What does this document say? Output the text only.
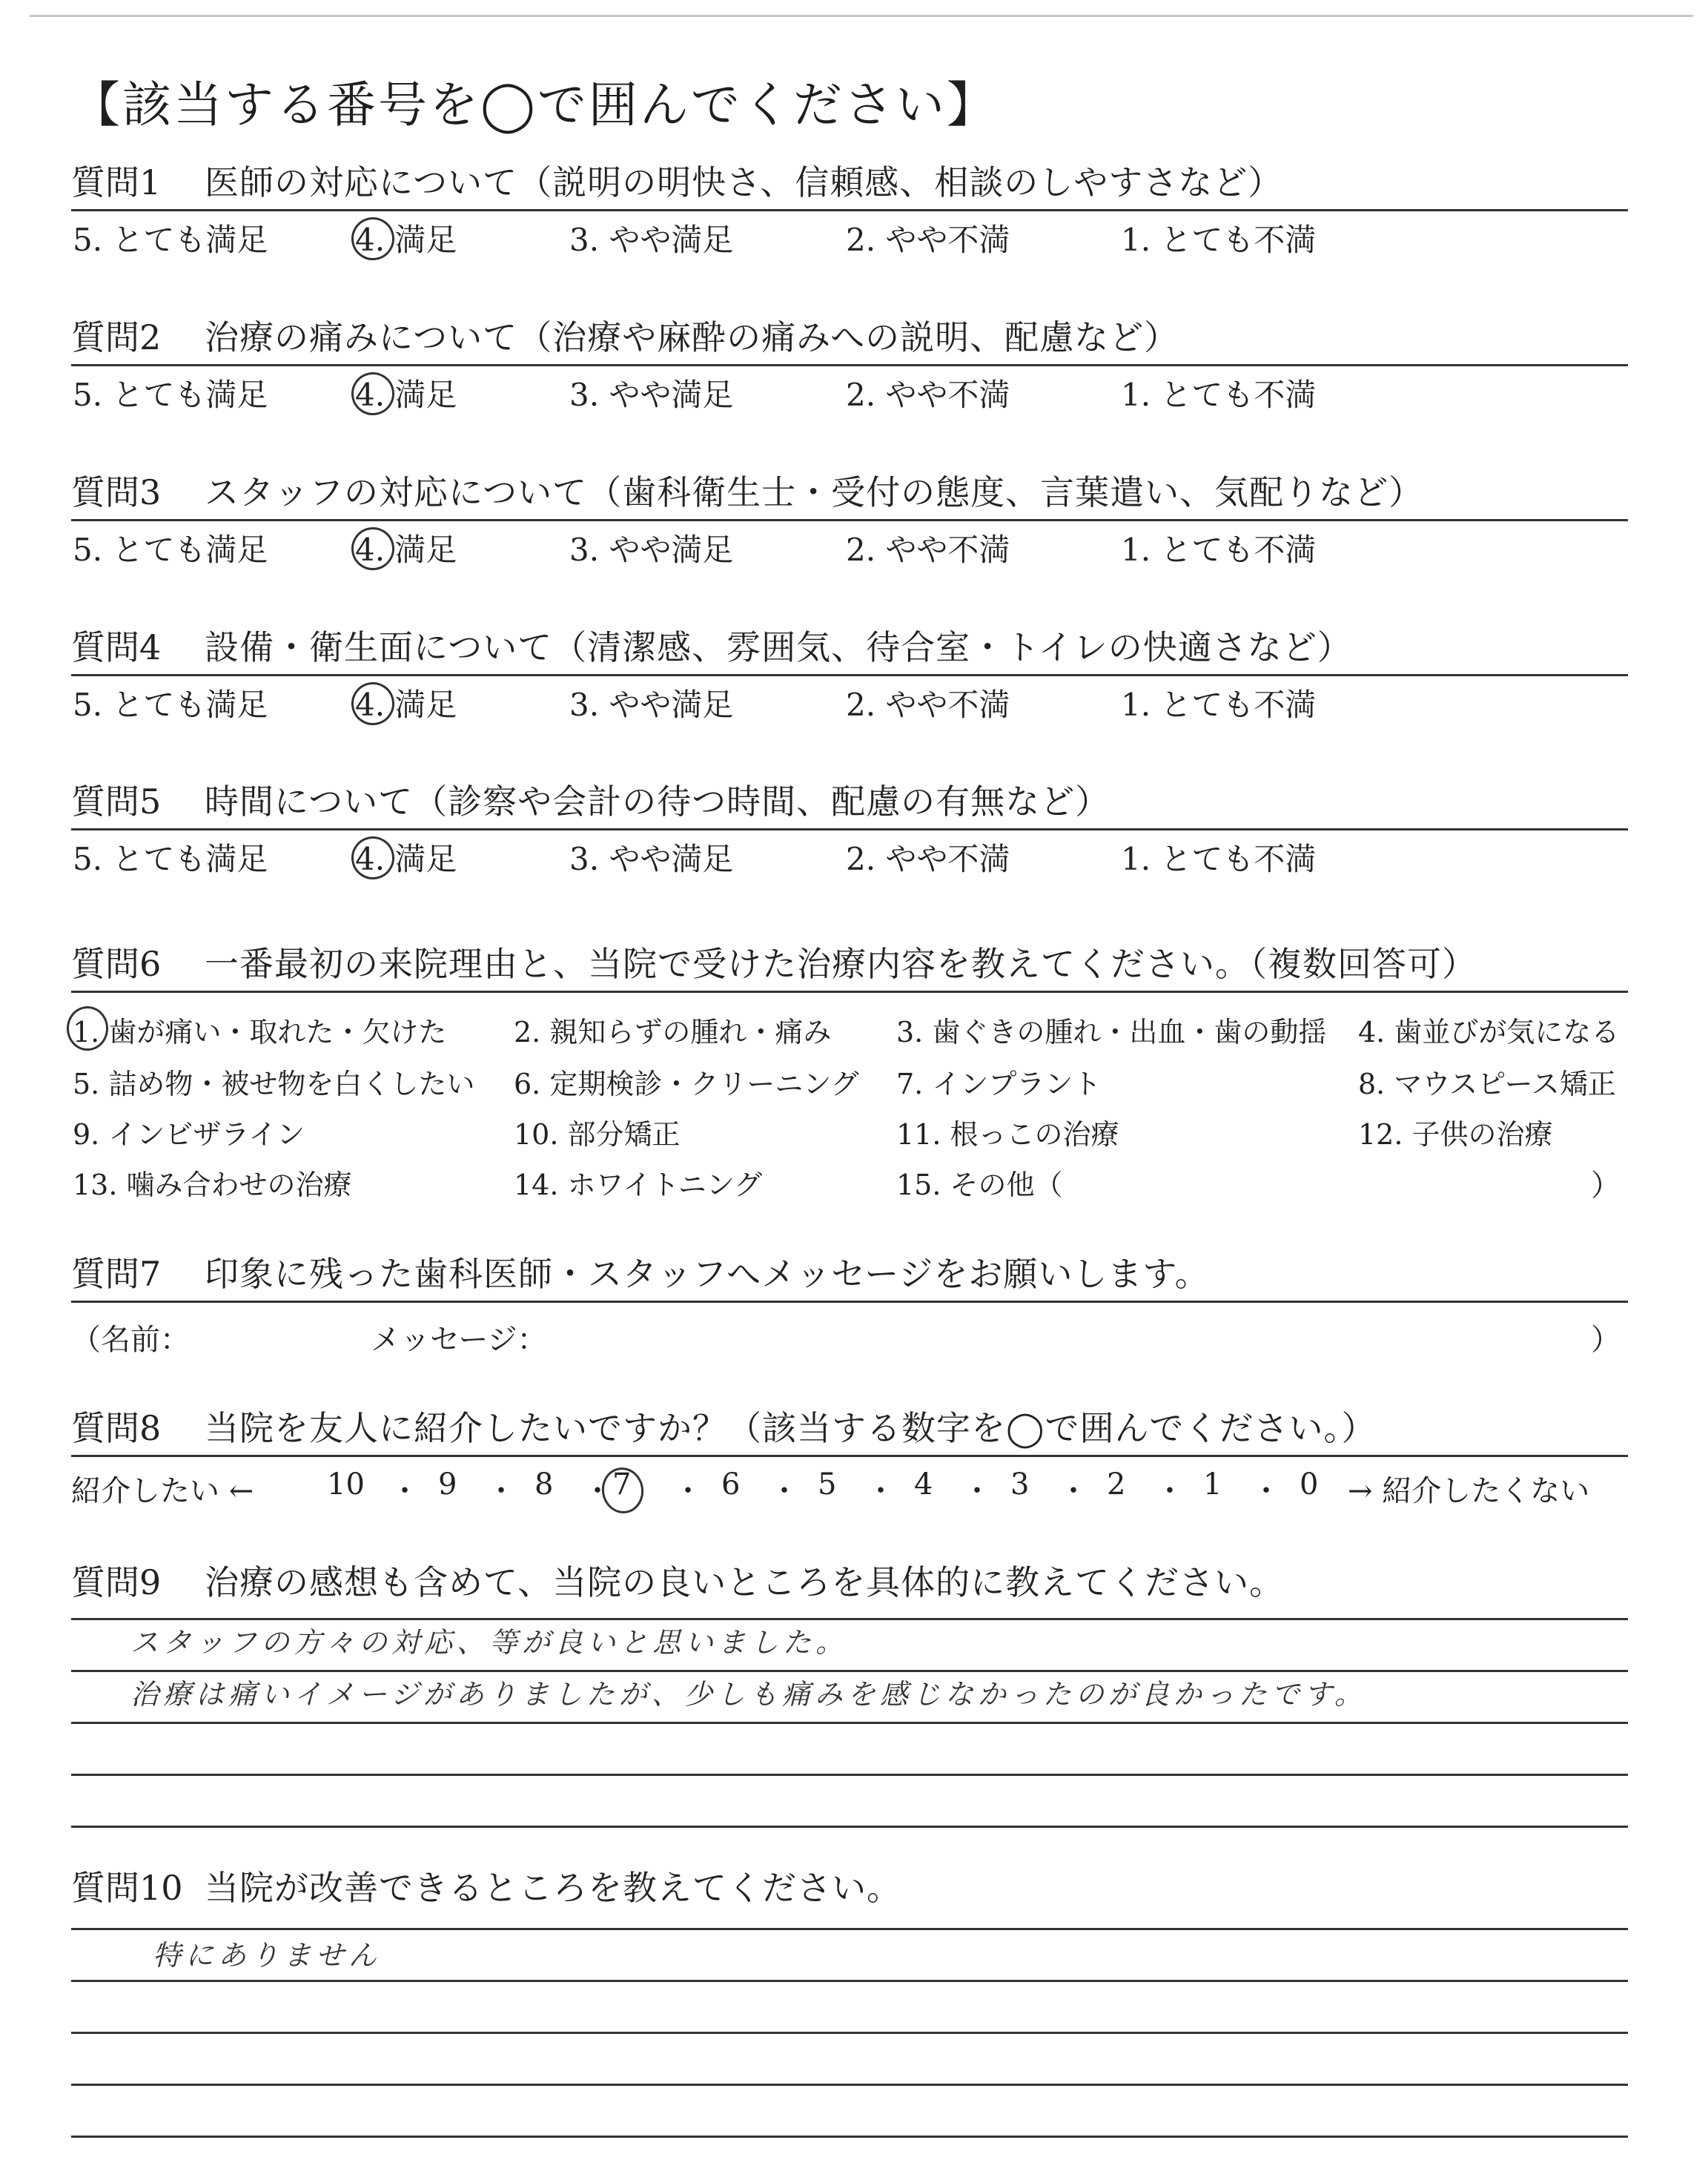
【該当する番号を◯で囲んでください】
質問1 医師の対応について（説明の明快さ、信頼感、相談のしやすさなど）
5. とても満足	4. 満足	3. やや満足	2. やや不満	1. とても不満
質問2 治療の痛みについて（治療や麻酔の痛みへの説明、配慮など）
5. とても満足	4. 満足	3. やや満足	2. やや不満	1. とても不満
質問3 スタッフの対応について（歯科衛生士・受付の態度、言葉遣い、気配りなど）
5. とても満足	4. 満足	3. やや満足	2. やや不満	1. とても不満
質問4 設備・衛生面について（清潔感、雰囲気、待合室・トイレの快適さなど）
5. とても満足	4. 満足	3. やや満足	2. やや不満	1. とても不満
質問5 時間について（診察や会計の待つ時間、配慮の有無など）
5. とても満足	4. 満足	3. やや満足	2. やや不満	1. とても不満
質問6 一番最初の来院理由と、当院で受けた治療内容を教えてください。（複数回答可）
1. 歯が痛い・取れた・欠けた 2. 親知らずの腫れ・痛み 3. 歯ぐきの腫れ・出血・歯の動揺 4. 歯並びが気になる
5. 詰め物・被せ物を白くしたい 6. 定期検診・クリーニング 7. インプラント	8. マウスピース矯正
9. インビザライン	10. 部分矯正	11. 根っこの治療	12. 子供の治療
13. 噛み合わせの治療	14. ホワイトニング	15. その他（	）
質問7 印象に残った歯科医師・スタッフへメッセージをお願いします。
（名前：	メッセージ：	）
質問8 当院を友人に紹介したいですか？（該当する数字を◯で囲んでください。）
紹介したい ← 10 ・ 9 ・ 8 ・ 7 ・ 6 ・ 5 ・ 4 ・ 3 ・ 2 ・ 1 ・ 0 → 紹介したくない
質問9 治療の感想も含めて、当院の良いところを具体的に教えてください。
スタッフの方々の対応、等が良いと思いました。
治療は痛いイメージがありましたが、少しも痛みを感じなかったのが良かったです。
質問10 当院が改善できるところを教えてください。
特にありません
